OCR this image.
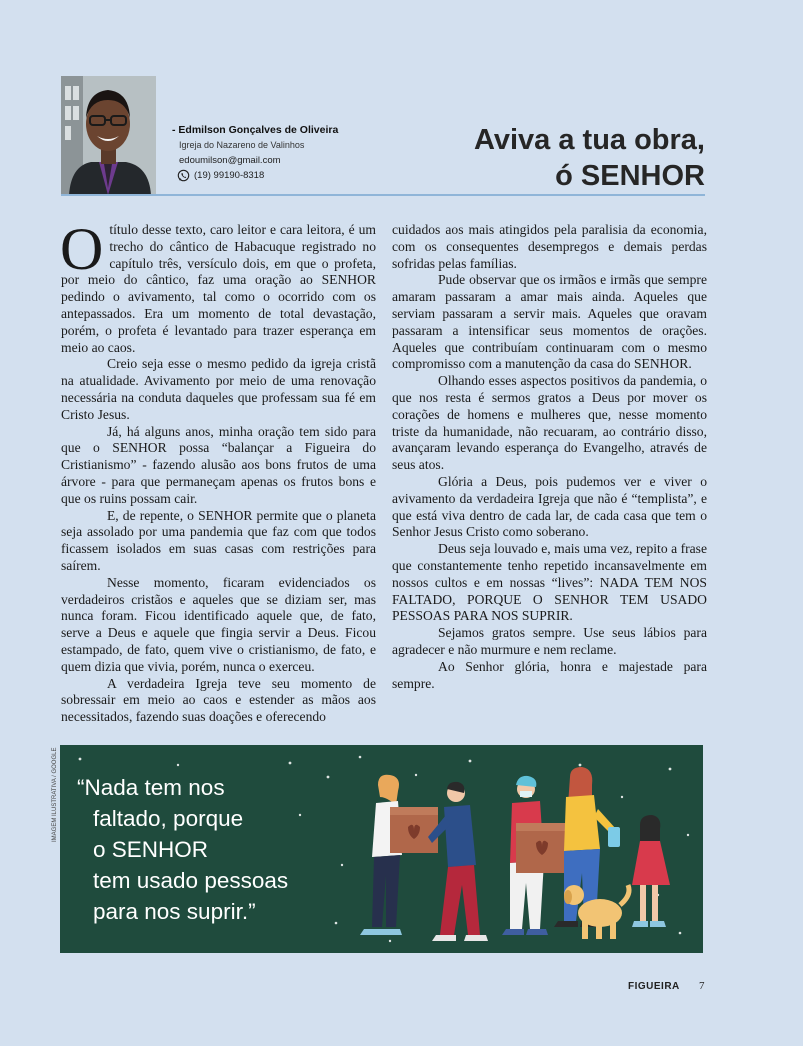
- Edmilson Gonçalves de Oliveira
Igreja do Nazareno de Valinhos
edoumilson@gmail.com
(19) 99190-8318
Aviva a tua obra,
ó SENHOR

Otítulo desse texto, caro leitor e cara leitora, é um trecho do cântico de Habacuque registrado no capítulo três, versículo dois, em que o profeta, por meio do cântico, faz uma oração ao SENHOR pedindo o avivamento, tal como o ocorrido com os antepassados. Era um momento de total devastação, porém, o profeta é levantado para trazer esperança em meio ao caos.

Creio seja esse o mesmo pedido da igreja cristã na atualidade. Avivamento por meio de uma renovação necessária na conduta daqueles que professam sua fé em Cristo Jesus.

Já, há alguns anos, minha oração tem sido para que o SENHOR possa “balançar a Figueira do Cristianismo” - fazendo alusão aos bons frutos de uma árvore - para que permaneçam apenas os frutos bons e que os ruins possam cair.

E, de repente, o SENHOR permite que o planeta seja assolado por uma pandemia que faz com que todos ficassem isolados em suas casas com restrições para saírem.

Nesse momento, ficaram evidenciados os verdadeiros cristãos e aqueles que se diziam ser, mas nunca foram. Ficou identificado aquele que, de fato, serve a Deus e aquele que fingia servir a Deus. Ficou estampado, de fato, quem vive o cristianismo, de fato, e quem dizia que vivia, porém, nunca o exerceu.

A verdadeira Igreja teve seu momento de sobressair em meio ao caos e estender as mãos aos necessitados, fazendo suas doações e oferecendo

cuidados aos mais atingidos pela paralisia da economia, com os consequentes desempregos e demais perdas sofridas pelas famílias.

Pude observar que os irmãos e irmãs que sempre amaram passaram a amar mais ainda. Aqueles que serviam passaram a servir mais. Aqueles que oravam passaram a intensificar seus momentos de orações. Aqueles que contribuíam continuaram com o mesmo compromisso com a manutenção da casa do SENHOR.

Olhando esses aspectos positivos da pandemia, o que nos resta é sermos gratos a Deus por mover os corações de homens e mulheres que, nesse momento triste da humanidade, não recuaram, ao contrário disso, avançaram levando esperança do Evangelho, através de seus atos.

Glória a Deus, pois pudemos ver e viver o avivamento da verdadeira Igreja que não é “templista”, e que está viva dentro de cada lar, de cada casa que tem o Senhor Jesus Cristo como soberano.

Deus seja louvado e, mais uma vez, repito a frase que constantemente tenho repetido incansavelmente em nossos cultos e em nossas “lives”: NADA TEM NOS FALTADO, PORQUE O SENHOR TEM USADO PESSOAS PARA NOS SUPRIR.

Sejamos gratos sempre. Use seus lábios para agradecer e não murmure e nem reclame.

Ao Senhor glória, honra e majestade para sempre.

IMAGEM ILUSTRATIVA / GOOGLE “Nada tem nos
faltado, porque
o SENHOR
tem usado pessoas
para nos suprir.”
FIGUEIRA 7
